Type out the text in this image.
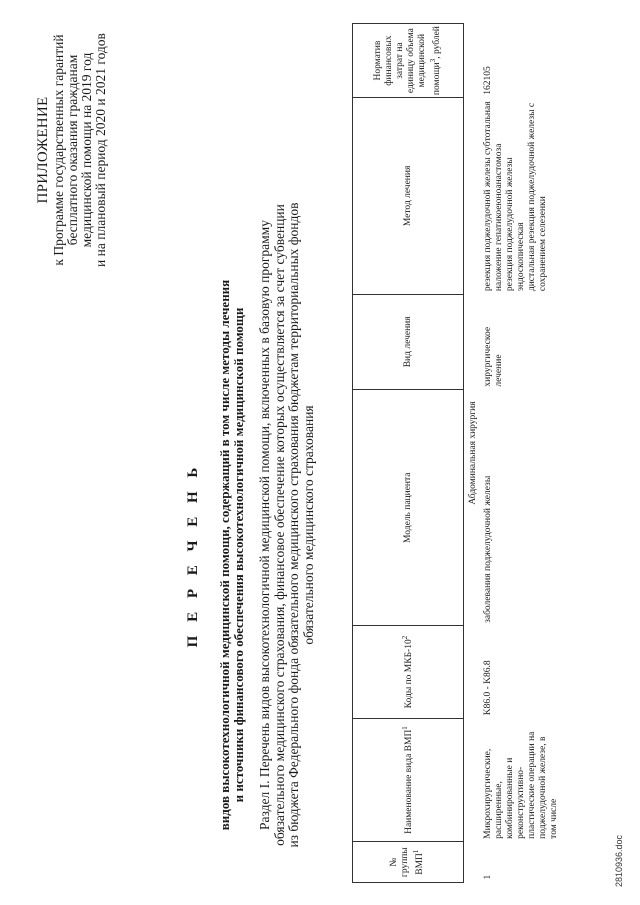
ПРИЛОЖЕНИЕ к Программе государственных гарантий бесплатного оказания гражданам медицинской помощи на 2019 год и на плановый период 2020 и 2021 годов
П Е Р Е Ч Е Н Ь видов высокотехнологичной медицинской помощи, содержащий в том числе методы лечения и источники финансового обеспечения высокотехнологичной медицинской помощи Раздел I. Перечень видов высокотехнологичной медицинской помощи, включенных в базовую программу обязательного медицинского страхования, финансовое обеспечение которых осуществляется за счет субвенции из бюджета Федерального фонда обязательного медицинского страхования бюджетам территориальных фондов обязательного медицинского страхования
№ группы ВМП$^1$	Наименование вида ВМП$^1$	Коды по МКБ-$10^2$	Модель пациента	Вид лечения	Метод лечения	Норматив финансовых затрат на единицу объема медицинской помощи$^3$, рублей
Абдоминальная хирургия						
1	Микрохирургические, расширенные, комбинированные и реконструктивно-пластические операции на поджелудочной железе, в том числе	K86.0 - K86.8	заболевания поджелудочной железы	хирургическое лечение	резекция поджелудочной железы субтотальная наложение гепатикоеюноанастомоза резекция поджелудочной железы эндоскопическая дистальная резекция поджелудочной железы с сохранением селезенки	162105
2810936.doc
